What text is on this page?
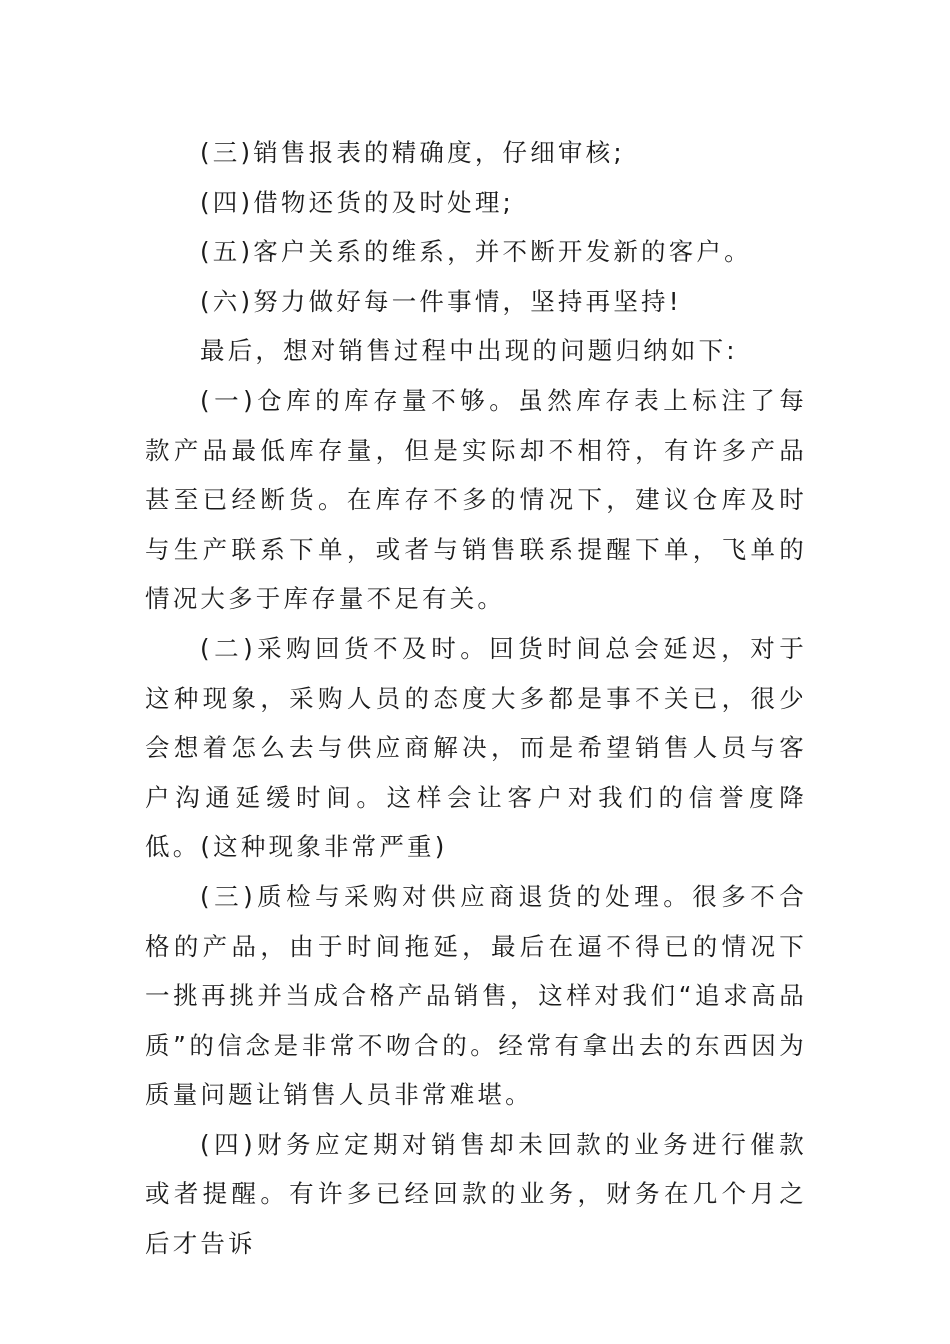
(三)销售报表的精确度，仔细审核;

(四)借物还货的及时处理;

(五)客户关系的维系，并不断开发新的客户。

(六)努力做好每一件事情，坚持再坚持!

最后，想对销售过程中出现的问题归纳如下:

(一)仓库的库存量不够。虽然库存表上标注了每款产品最低库存量，但是实际却不相符，有许多产品甚至已经断货。在库存不多的情况下，建议仓库及时与生产联系下单，或者与销售联系提醒下单，飞单的情况大多于库存量不足有关。

(二)采购回货不及时。回货时间总会延迟，对于这种现象，采购人员的态度大多都是事不关已，很少会想着怎么去与供应商解决，而是希望销售人员与客户沟通延缓时间。这样会让客户对我们的信誉度降低。(这种现象非常严重)

(三)质检与采购对供应商退货的处理。很多不合格的产品，由于时间拖延，最后在逼不得已的情况下一挑再挑并当成合格产品销售，这样对我们“追求高品质”的信念是非常不吻合的。经常有拿出去的东西因为质量问题让销售人员非常难堪。

(四)财务应定期对销售却未回款的业务进行催款或者提醒。有许多已经回款的业务，财务在几个月之后才告诉
